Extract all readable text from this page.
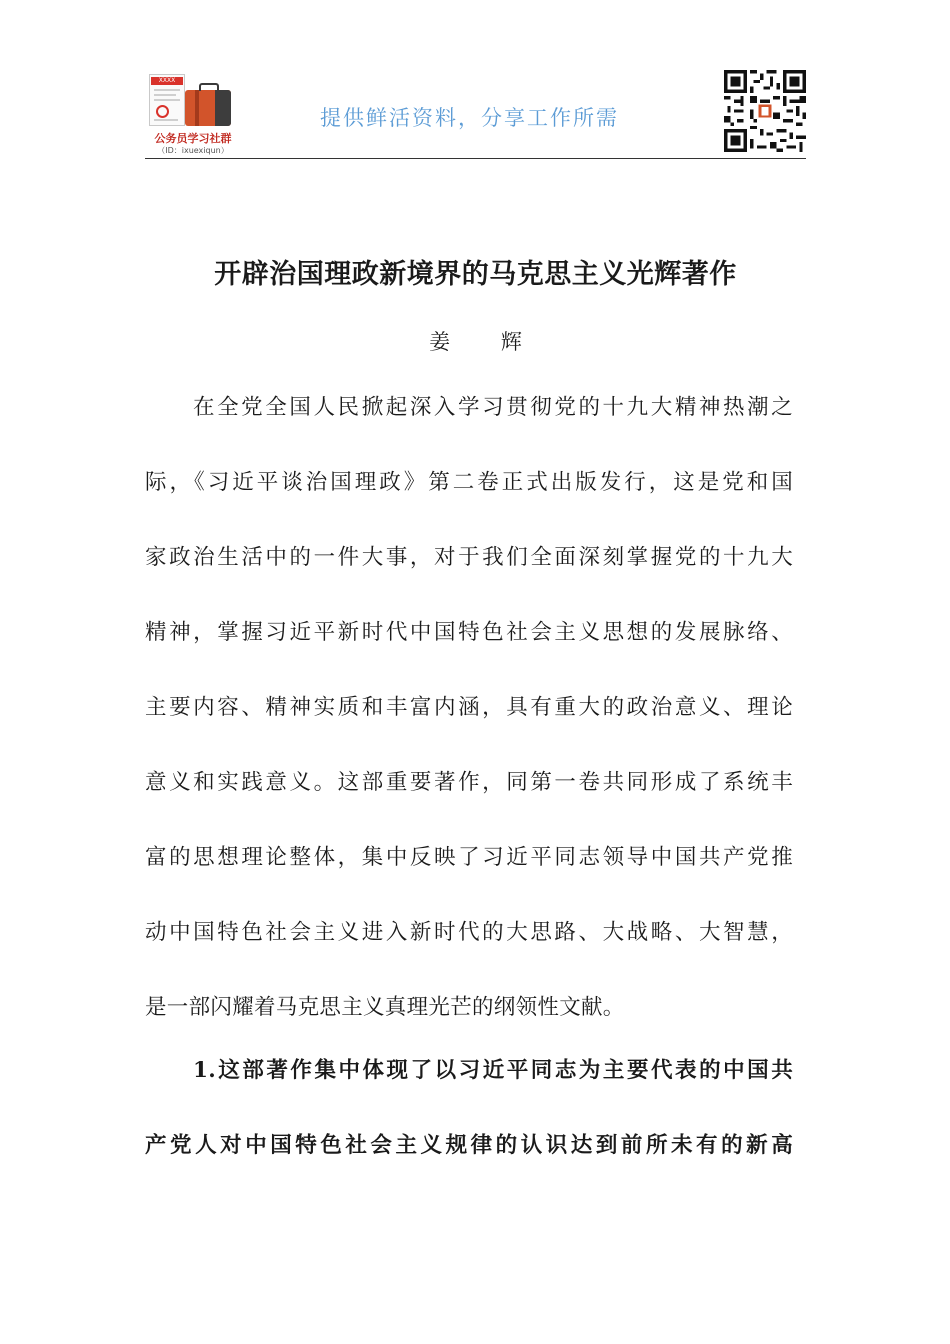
XXXX
公务员学习社群
（ID：ixuexiqun）
提供鲜活资料，分享工作所需
开辟治国理政新境界的马克思主义光辉著作
姜 辉
在全党全国人民掀起深入学习贯彻党的十九大精神热潮之
际，《习近平谈治国理政》第二卷正式出版发行，这是党和国
家政治生活中的一件大事，对于我们全面深刻掌握党的十九大
精神，掌握习近平新时代中国特色社会主义思想的发展脉络、
主要内容、精神实质和丰富内涵，具有重大的政治意义、理论
意义和实践意义。这部重要著作，同第一卷共同形成了系统丰
富的思想理论整体，集中反映了习近平同志领导中国共产党推
动中国特色社会主义进入新时代的大思路、大战略、大智慧，
是一部闪耀着马克思主义真理光芒的纲领性文献。
1.这部著作集中体现了以习近平同志为主要代表的中国共
产党人对中国特色社会主义规律的认识达到前所未有的新高
